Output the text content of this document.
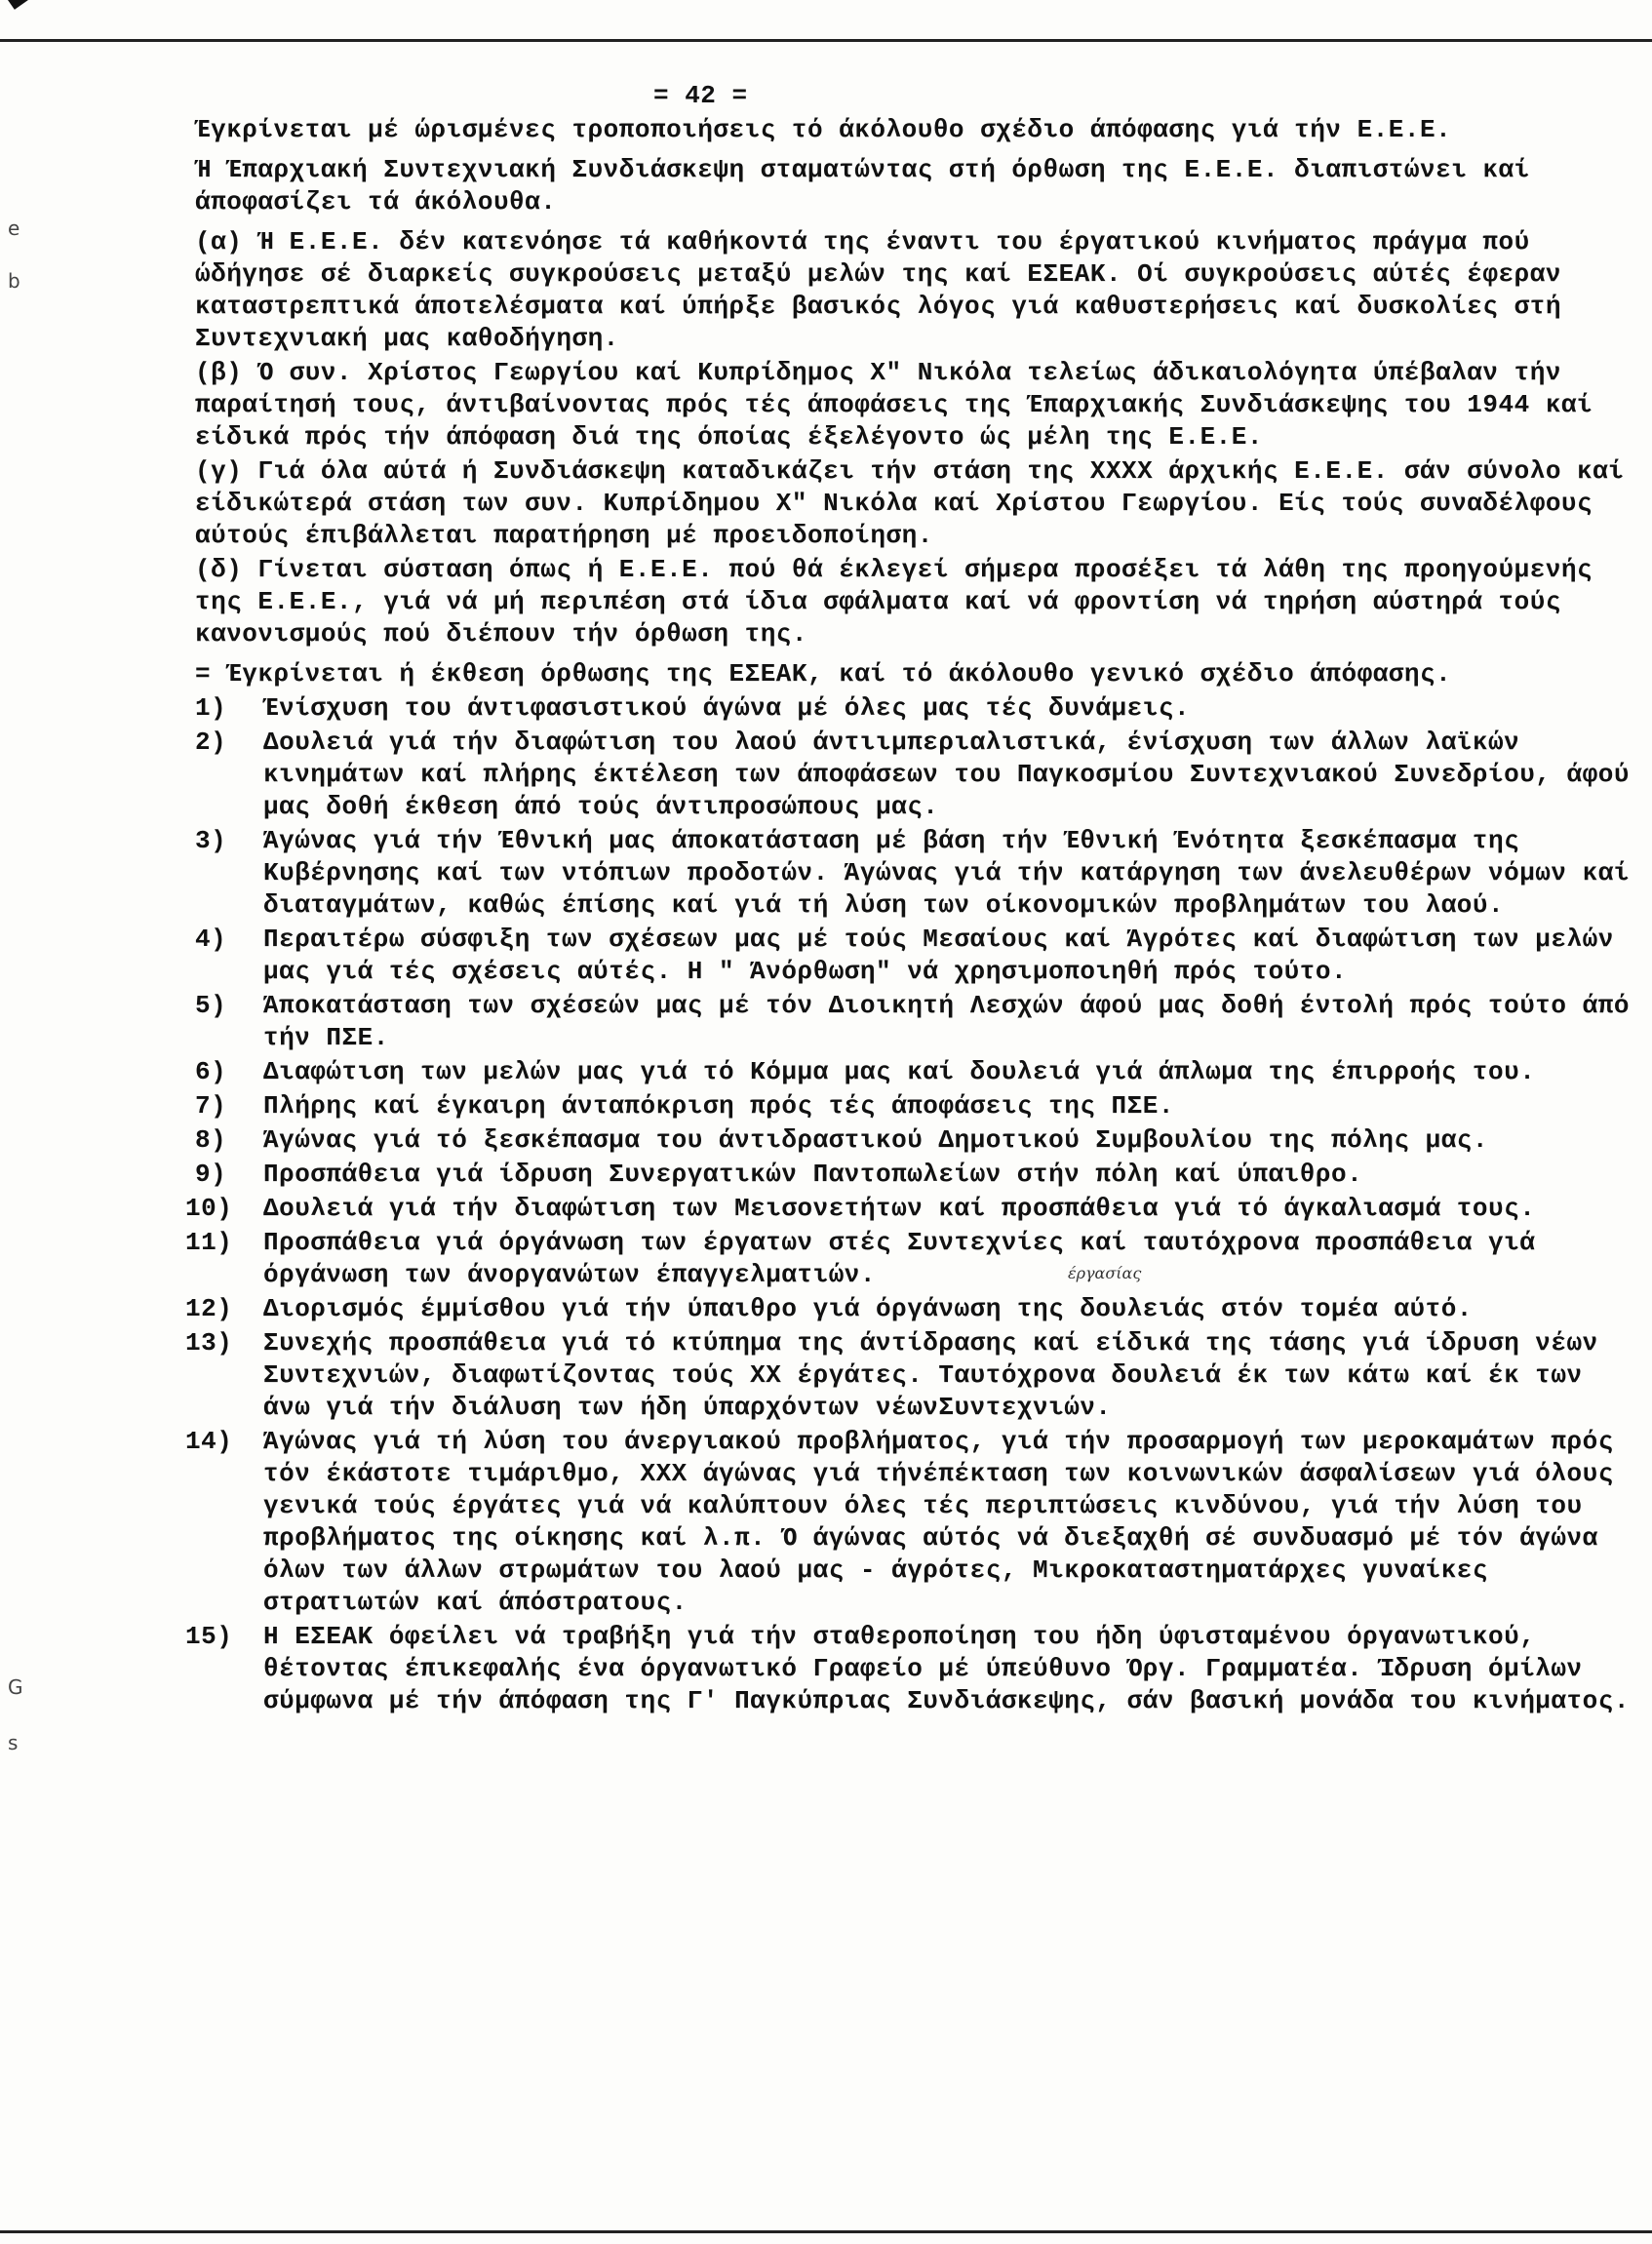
e
b
G
s
= 42 =

Έγκρίνεται μέ ώρισμένες τροποποιήσεις τό άκόλουθο σχέδιο άπόφασης γιά τήν Ε.Ε.Ε.

Ή Έπαρχιακή Συντεχνιακή Συνδιάσκεψη σταματώντας στή όρθωση της Ε.Ε.Ε. διαπιστώνει καί άποφασίζει τά άκόλουθα.

(α) Ή Ε.Ε.Ε. δέν κατενόησε τά καθήκοντά της έναντι του έργατικού κινήματος πράγμα πού ώδήγησε σέ διαρκείς συγκρούσεις μεταξύ μελών της καί ΕΣΕΑΚ. Οί συγκρούσεις αύτές έφεραν καταστρεπτικά άποτελέσματα καί ύπήρξε βασικός λόγος γιά καθυστερήσεις καί δυσκολίες στή Συντεχνιακή μας καθοδήγηση.

(β) Ό συν. Χρίστος Γεωργίου καί Κυπρίδημος Χ" Νικόλα τελείως άδικαιολόγητα ύπέβαλαν τήν παραίτησή τους, άντιβαίνοντας πρός τές άποφάσεις της Έπαρχιακής Συνδιάσκεψης του 1944 καί είδικά πρός τήν άπόφαση διά της όποίας έξελέγοντο ώς μέλη της Ε.Ε.Ε.

(γ) Γιά όλα αύτά ή Συνδιάσκεψη καταδικάζει τήν στάση της ΧΧΧΧ άρχικής Ε.Ε.Ε. σάν σύνολο καί είδικώτερά στάση των συν. Κυπρίδημου Χ" Νικόλα καί Χρίστου Γεωργίου. Είς τούς συναδέλφους αύτούς έπιβάλλεται παρατήρηση μέ προειδοποίηση.

(δ) Γίνεται σύσταση όπως ή Ε.Ε.Ε. πού θά έκλεγεί σήμερα προσέξει τά λάθη της προηγούμενής της Ε.Ε.Ε., γιά νά μή περιπέση στά ίδια σφάλματα καί νά φροντίση νά τηρήση αύστηρά τούς κανονισμούς πού διέπουν τήν όρθωση της.

= Έγκρίνεται ή έκθεση όρθωσης της ΕΣΕΑΚ, καί τό άκόλουθο γενικό σχέδιο άπόφασης.

1)	Ένίσχυση του άντιφασιστικού άγώνα μέ όλες μας τές δυνάμεις.
2)	Δουλειά γιά τήν διαφώτιση του λαού άντιιμπεριαλιστικά, ένίσχυση των άλλων λαϊκών κινημάτων καί πλήρης έκτέλεση των άποφάσεων του Παγκοσμίου Συντεχνιακού Συνεδρίου, άφού μας δοθή έκθεση άπό τούς άντιπροσώπους μας.
3)	Άγώνας γιά τήν Έθνική μας άποκατάσταση μέ βάση τήν Έθνική Ένότητα ξεσκέπασμα της Κυβέρνησης καί των ντόπιων προδοτών. Άγώνας γιά τήν κατάργηση των άνελευθέρων νόμων καί διαταγμάτων, καθώς έπίσης καί γιά τή λύση των οίκονομικών προβλημάτων του λαού.
4)	Περαιτέρω σύσφιξη των σχέσεων μας μέ τούς Μεσαίους καί Άγρότες καί διαφώτιση των μελών μας γιά τές σχέσεις αύτές. Η " Άνόρθωση" νά χρησιμοποιηθή πρός τούτο.
5)	Άποκατάσταση των σχέσεών μας μέ τόν Διοικητή Λεσχών άφού μας δοθή έντολή πρός τούτο άπό τήν ΠΣΕ.
6)	Διαφώτιση των μελών μας γιά τό Κόμμα μας καί δουλειά γιά άπλωμα της έπιρροής του.
7)	Πλήρης καί έγκαιρη άνταπόκριση πρός τές άποφάσεις της ΠΣΕ.
8)	Άγώνας γιά τό ξεσκέπασμα του άντιδραστικού Δημοτικού Συμβουλίου της πόλης μας.
9)	Προσπάθεια γιά ίδρυση Συνεργατικών Παντοπωλείων στήν πόλη καί ύπαιθρο.
10)	Δουλειά γιά τήν διαφώτιση των Μεισονετήτων καί προσπάθεια γιά τό άγκαλιασμά τους.
11)	Προσπάθεια γιά όργάνωση των έργατων στές Συντεχνίες καί ταυτόχρονα προσπάθεια γιά όργάνωση των άνοργανώτων έπαγγελματιών.
12)	Διορισμός έμμίσθου γιά τήν ύπαιθρο γιά όργάνωση της δουλειάς στόν τομέα αύτό.
13)	Συνεχής προσπάθεια γιά τό κτύπημα της άντίδρασης καί είδικά της τάσης γιά ίδρυση νέων Συντεχνιών, διαφωτίζοντας τούς ΧΧ έργάτες. Ταυτόχρονα δουλειά έκ των κάτω καί έκ των άνω γιά τήν διάλυση των ήδη ύπαρχόντων νέωνΣυντεχνιών.
14)	Άγώνας γιά τή λύση του άνεργιακού προβλήματος, γιά τήν προσαρμογή των μεροκαμάτων πρός τόν έκάστοτε τιμάριθμο, ΧΧΧ άγώνας γιά τήνέπέκταση των κοινωνικών άσφαλίσεων γιά όλους γενικά τούς έργάτες γιά νά καλύπτουν όλες τές περιπτώσεις κινδύνου, γιά τήν λύση του προβλήματος της οίκησης καί λ.π. Ό άγώνας αύτός νά διεξαχθή σέ συνδυασμό μέ τόν άγώνα όλων των άλλων στρωμάτων του λαού μας - άγρότες, Μικροκαταστηματάρχες γυναίκες στρατιωτών καί άπόστρατους.
15)	Η ΕΣΕΑΚ όφείλει νά τραβήξη γιά τήν σταθεροποίηση του ήδη ύφισταμένου όργανωτικού, θέτοντας έπικεφαλής ένα όργανωτικό Γραφείο μέ ύπεύθυνο Όργ. Γραμματέα. Ίδρυση όμίλων σύμφωνα μέ τήν άπόφαση της Γ' Παγκύπριας Συνδιάσκεψης, σάν βασική μονάδα του κινήματος.
έργασίας
